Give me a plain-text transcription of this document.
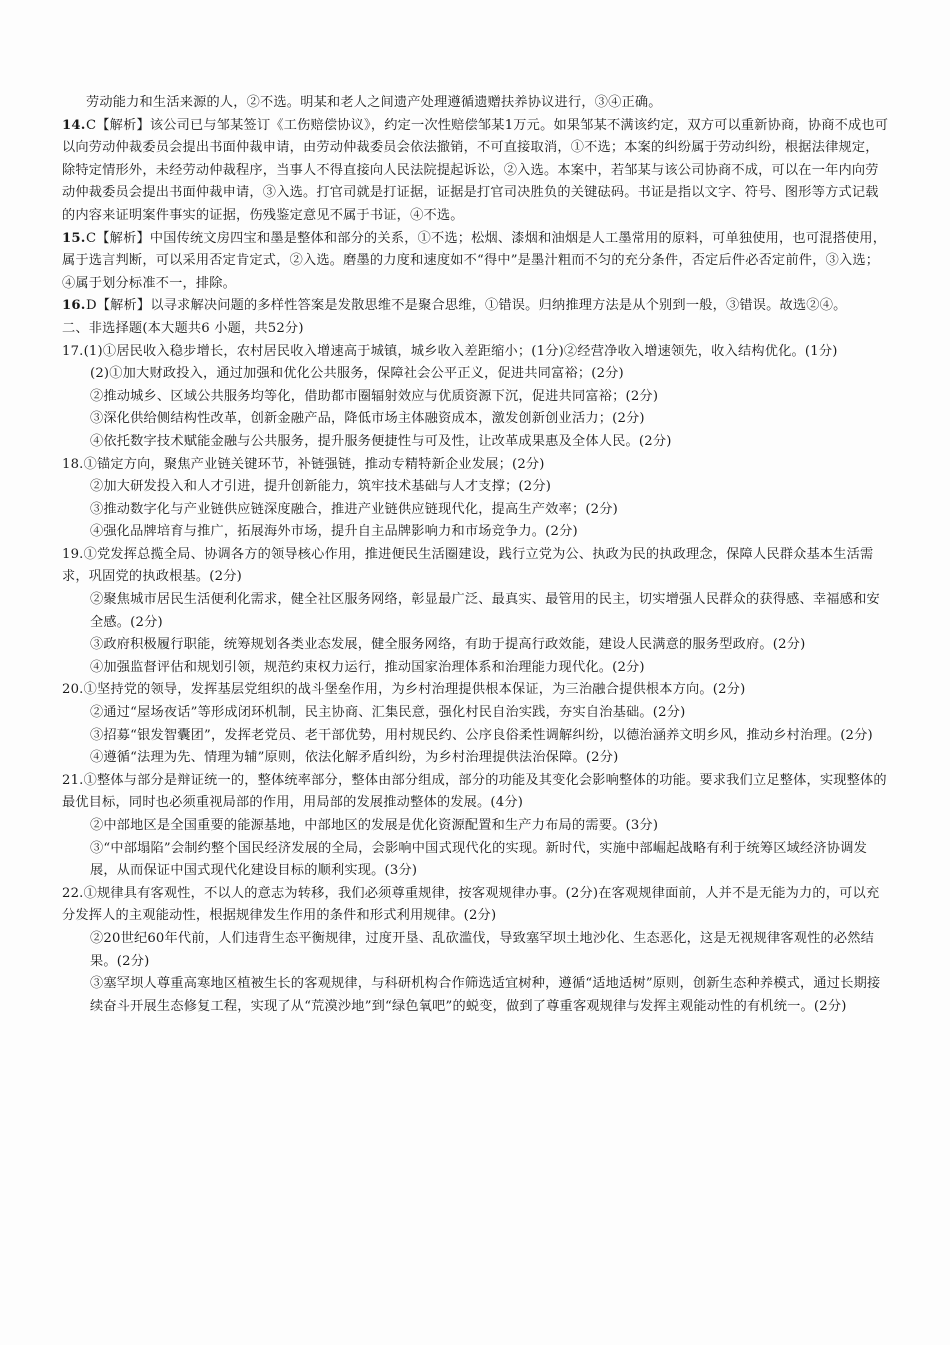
劳动能力和生活来源的人，②不选。明某和老人之间遗产处理遵循遗赠扶养协议进行，③④正确。

14.C【解析】该公司已与邹某签订《工伤赔偿协议》，约定一次性赔偿邹某1万元。如果邹某不满该约定，双方可以重新协商，协商不成也可以向劳动仲裁委员会提出书面仲裁申请，由劳动仲裁委员会依法撤销，不可直接取消，①不选；本案的纠纷属于劳动纠纷，根据法律规定，除特定情形外，未经劳动仲裁程序，当事人不得直接向人民法院提起诉讼，②入选。本案中，若邹某与该公司协商不成，可以在一年内向劳动仲裁委员会提出书面仲裁申请，③入选。打官司就是打证据，证据是打官司决胜负的关键砝码。书证是指以文字、符号、图形等方式记载的内容来证明案件事实的证据，伤残鉴定意见不属于书证，④不选。

15.C【解析】中国传统文房四宝和墨是整体和部分的关系，①不选；松烟、漆烟和油烟是人工墨常用的原料，可单独使用，也可混搭使用，属于选言判断，可以采用否定肯定式，②入选。磨墨的力度和速度如不“得中”是墨汁粗而不匀的充分条件，否定后件必否定前件，③入选；④属于划分标准不一，排除。

16.D【解析】以寻求解决问题的多样性答案是发散思维不是聚合思维，①错误。归纳推理方法是从个别到一般，③错误。故选②④。

二、非选择题(本大题共6 小题，共52分)

17.(1)①居民收入稳步增长，农村居民收入增速高于城镇，城乡收入差距缩小；(1分)②经营净收入增速领先，收入结构优化。(1分)

(2)①加大财政投入，通过加强和优化公共服务，保障社会公平正义，促进共同富裕；(2分)

②推动城乡、区域公共服务均等化，借助都市圈辐射效应与优质资源下沉，促进共同富裕；(2分)

③深化供给侧结构性改革，创新金融产品，降低市场主体融资成本，激发创新创业活力；(2分)

④依托数字技术赋能金融与公共服务，提升服务便捷性与可及性，让改革成果惠及全体人民。(2分)

18.①锚定方向，聚焦产业链关键环节，补链强链，推动专精特新企业发展；(2分)

②加大研发投入和人才引进，提升创新能力，筑牢技术基础与人才支撑；(2分)

③推动数字化与产业链供应链深度融合，推进产业链供应链现代化，提高生产效率；(2分)

④强化品牌培育与推广，拓展海外市场，提升自主品牌影响力和市场竞争力。(2分)

19.①党发挥总揽全局、协调各方的领导核心作用，推进便民生活圈建设，践行立党为公、执政为民的执政理念，保障人民群众基本生活需求，巩固党的执政根基。(2分)

②聚焦城市居民生活便利化需求，健全社区服务网络，彰显最广泛、最真实、最管用的民主，切实增强人民群众的获得感、幸福感和安全感。(2分)

③政府积极履行职能，统筹规划各类业态发展，健全服务网络，有助于提高行政效能，建设人民满意的服务型政府。(2分)

④加强监督评估和规划引领，规范约束权力运行，推动国家治理体系和治理能力现代化。(2分)

20.①坚持党的领导，发挥基层党组织的战斗堡垒作用，为乡村治理提供根本保证，为三治融合提供根本方向。(2分)

②通过“屋场夜话”等形成闭环机制，民主协商、汇集民意，强化村民自治实践，夯实自治基础。(2分)

③招募“银发智囊团”，发挥老党员、老干部优势，用村规民约、公序良俗柔性调解纠纷，以德治涵养文明乡风，推动乡村治理。(2分)

④遵循“法理为先、情理为辅”原则，依法化解矛盾纠纷，为乡村治理提供法治保障。(2分)

21.①整体与部分是辩证统一的，整体统率部分，整体由部分组成，部分的功能及其变化会影响整体的功能。要求我们立足整体，实现整体的最优目标，同时也必须重视局部的作用，用局部的发展推动整体的发展。(4分)

②中部地区是全国重要的能源基地，中部地区的发展是优化资源配置和生产力布局的需要。(3分)

③“中部塌陷”会制约整个国民经济发展的全局，会影响中国式现代化的实现。新时代，实施中部崛起战略有利于统筹区域经济协调发展，从而保证中国式现代化建设目标的顺利实现。(3分)

22.①规律具有客观性，不以人的意志为转移，我们必须尊重规律，按客观规律办事。(2分)在客观规律面前，人并不是无能为力的，可以充分发挥人的主观能动性，根据规律发生作用的条件和形式利用规律。(2分)

②20世纪60年代前，人们违背生态平衡规律，过度开垦、乱砍滥伐，导致塞罕坝土地沙化、生态恶化，这是无视规律客观性的必然结果。(2分)

③塞罕坝人尊重高寒地区植被生长的客观规律，与科研机构合作筛选适宜树种，遵循“适地适树”原则，创新生态种养模式，通过长期接续奋斗开展生态修复工程，实现了从“荒漠沙地”到“绿色氧吧”的蜕变，做到了尊重客观规律与发挥主观能动性的有机统一。(2分)
